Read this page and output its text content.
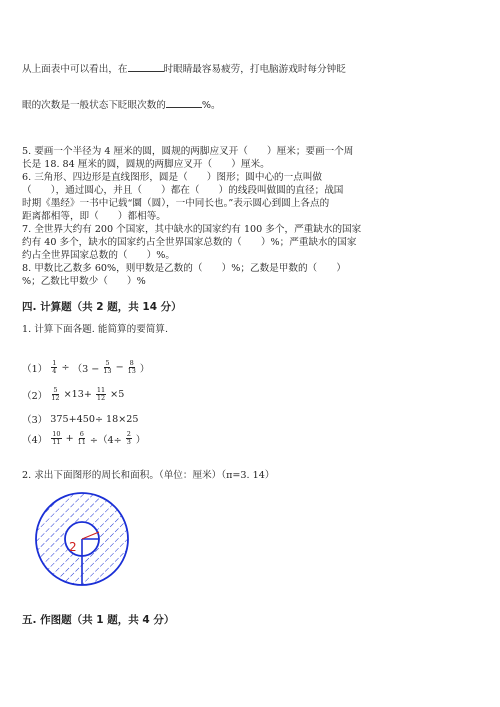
从上面表中可以看出，在	时眼睛最容易疲劳，打电脑游戏时每分钟眨
眼的次数是一般状态下眨眼次数的	%。
5. 要画一个半径为 4 厘米的圆，圆规的两脚应叉开（　　）厘米；要画一个周
长是 18. 84 厘米的圆，圆规的两脚应叉开（　　）厘米。
6. 三角形、四边形是直线图形，圆是（　　）图形；圆中心的一点叫做
（　　），通过圆心，并且（　　）都在（　　）的线段叫做圆的直径；战国
时期《墨经》一书中记载“圜（圆），一中同长也。”表示圆心到圆上各点的
距离都相等，即（　　）都相等。
7. 全世界大约有 200 个国家，其中缺水的国家约有 100 多个，严重缺水的国家
约有 40 多个，缺水的国家约占全世界国家总数的（　　）%；严重缺水的国家
约占全世界国家总数的（　　）%。
8. 甲数比乙数多 60%，则甲数是乙数的（　　）%；乙数是甲数的（　　）
%；乙数比甲数少（　　）%
四. 计算题（共 2 题，共 14 分）
1. 计算下面各题. 能简算的要简算.
$(1) \frac{1}{4} \div (3 - \frac{5}{13} - \frac{8}{13}$ ）
$(2) \frac{5}{12} \times 13+ \frac{11}{12} \times 5$
（3） 375+450÷ 18×25
$(4) \frac{10}{11} + \frac{6}{11} \div(4\div \frac{2}{3}$ ）
2. 求出下面图形的周长和面积。（单位：厘米）（π=3. 14）
2
五. 作图题（共 1 题，共 4 分）
